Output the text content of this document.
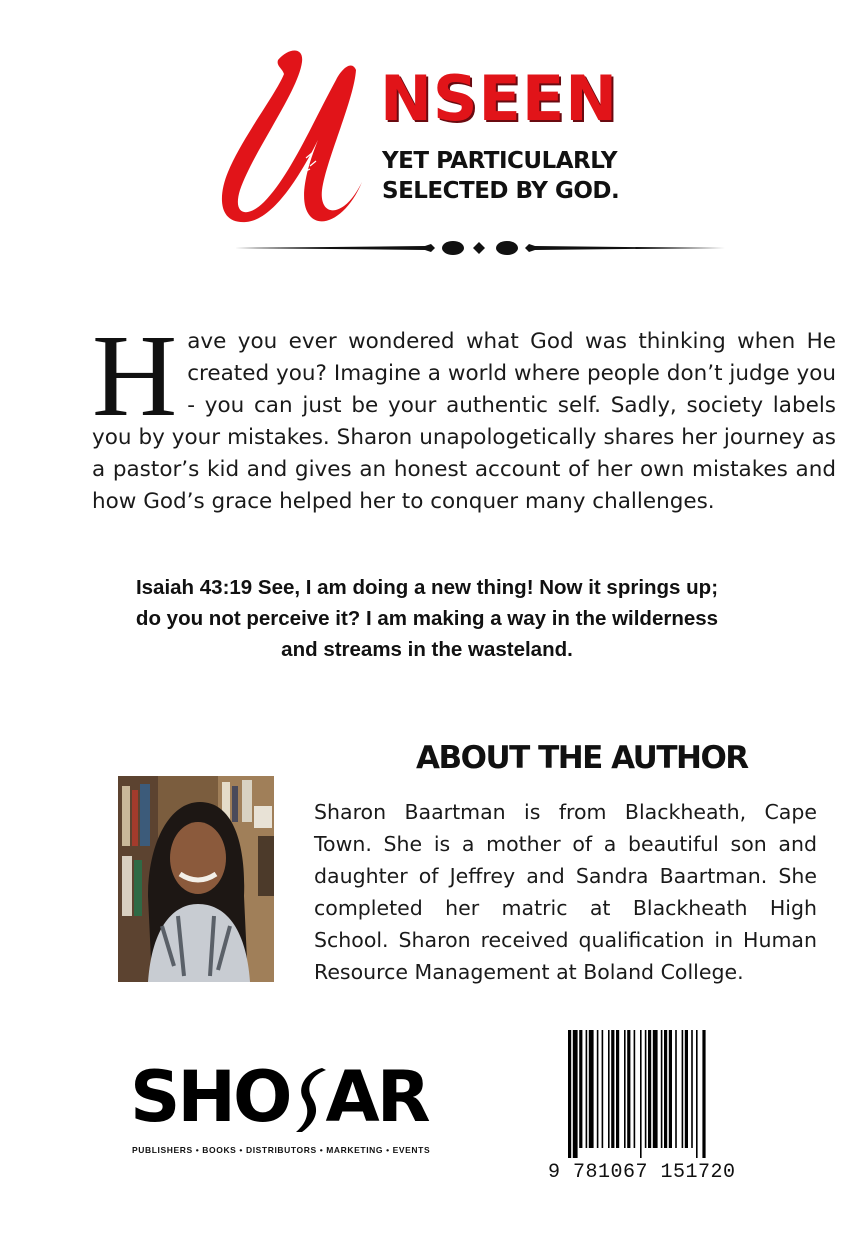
NSEEN
YET PARTICULARLY
SELECTED BY GOD.
H ave you ever wondered what God was thinking when He created you? Imagine a world where people don’t judge you - you can just be your authentic self. Sadly, society labels you by your mistakes. Sharon unapologetically shares her journey as a pastor’s kid and gives an honest account of her own mistakes and how God’s grace helped her to conquer many challenges.
Isaiah 43:19 See, I am doing a new thing! Now it springs up;
do you not perceive it? I am making a way in the wilderness
and streams in the wasteland.
ABOUT THE AUTHOR
Sharon Baartman is from Blackheath, Cape Town. She is a mother of a beautiful son and daughter of Jeffrey and Sandra Baartman. She completed her matric at Blackheath High School. Sharon received qualification in Human Resource Management at Boland College.
SHO AR
PUBLISHERS • BOOKS • DISTRIBUTORS • MARKETING • EVENTS
9 781067 151720
